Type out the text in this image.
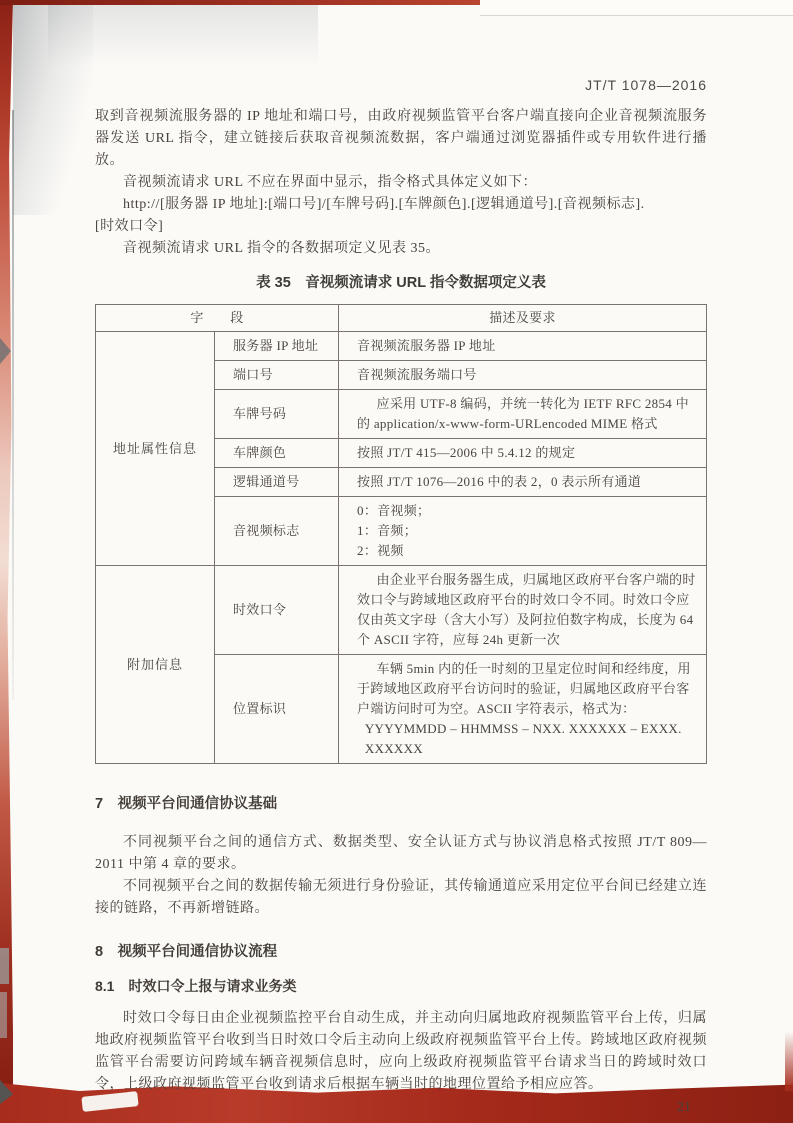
JT/T 1078—2016

取到音视频流服务器的 IP 地址和端口号，由政府视频监管平台客户端直接向企业音视频流服务器发送 URL 指令，建立链接后获取音视频流数据，客户端通过浏览器插件或专用软件进行播放。

音视频流请求 URL 不应在界面中显示，指令格式具体定义如下：

http://[服务器 IP 地址]:[端口号]/[车牌号码].[车牌颜色].[逻辑通道号].[音视频标志].

[时效口令]

音视频流请求 URL 指令的各数据项定义见表 35。

表 35　音视频流请求 URL 指令数据项定义表
字　　段		描述及要求
地址属性信息	服务器 IP 地址	音视频流服务器 IP 地址
	端口号	音视频流服务端口号
	车牌号码	应采用 UTF-8 编码，并统一转化为 IETF RFC 2854 中的 application/x-www-form-URLencoded MIME 格式
	车牌颜色	按照 JT/T 415—2006 中 5.4.12 的规定
	逻辑通道号	按照 JT/T 1076—2016 中的表 2，0 表示所有通道
	音视频标志	0：音视频；
1：音频；
2：视频

附加信息	时效口令	由企业平台服务器生成，归属地区政府平台客户端的时效口令与跨域地区政府平台的时效口令不同。时效口令应仅由英文字母（含大小写）及阿拉伯数字构成，长度为 64 个 ASCII 字符，应每 24h 更新一次
	位置标识	车辆 5min 内的任一时刻的卫星定位时间和经纬度，用于跨域地区政府平台访问时的验证，归属地区政府平台客户端访问时可为空。ASCII 字符表示，格式为：
YYYYMMDD – HHMMSS – NXX. XXXXXX – EXXX. XXXXXX

7　视频平台间通信协议基础

不同视频平台之间的通信方式、数据类型、安全认证方式与协议消息格式按照 JT/T 809—2011 中第 4 章的要求。

不同视频平台之间的数据传输无须进行身份验证，其传输通道应采用定位平台间已经建立连接的链路，不再新增链路。

8　视频平台间通信协议流程

8.1　时效口令上报与请求业务类

时效口令每日由企业视频监控平台自动生成，并主动向归属地政府视频监管平台上传，归属地政府视频监管平台收到当日时效口令后主动向上级政府视频监管平台上传。跨域地区政府视频监管平台需要访问跨域车辆音视频信息时，应向上级政府视频监管平台请求当日的跨域时效口令，上级政府视频监管平台收到请求后根据车辆当时的地理位置给予相应应答。

21
